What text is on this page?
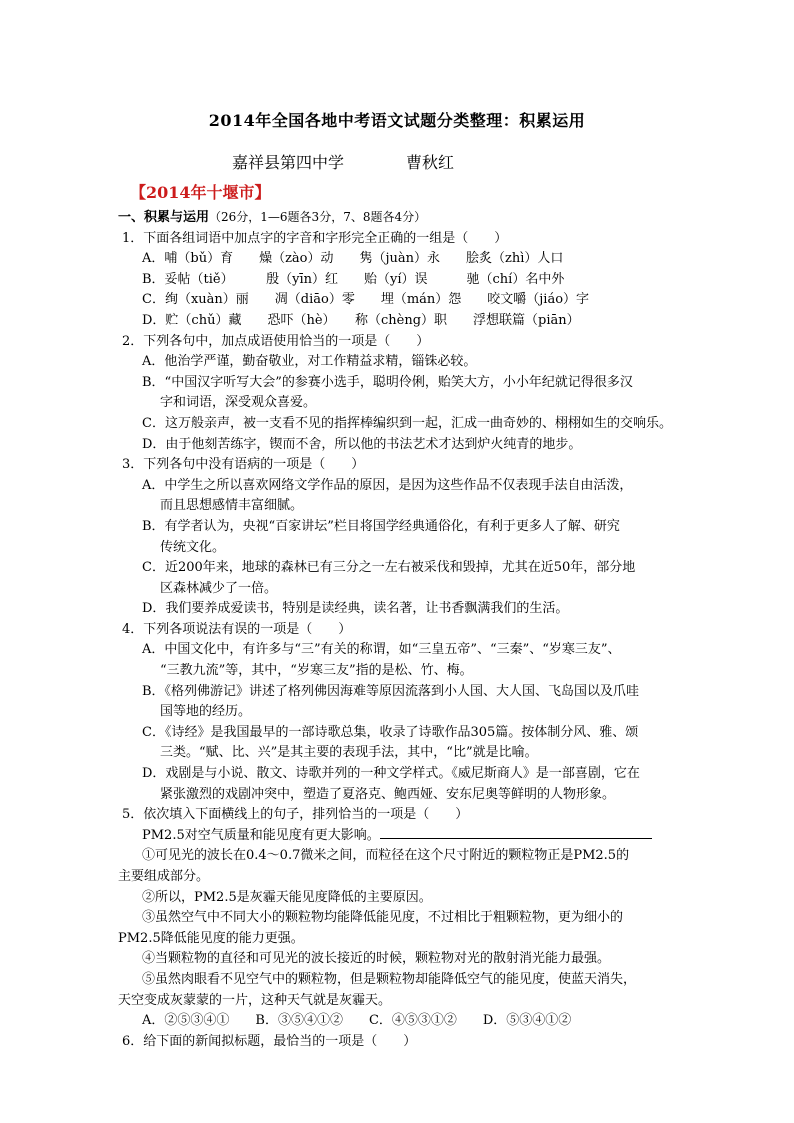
2014年全国各地中考语文试题分类整理：积累运用
嘉祥县第四中学	曹秋红
【2014年十堰市】
一、积累与运用（26分，1—6题各3分，7、8题各4分）
1．下面各组词语中加点字的字音和字形完全正确的一组是（　　）
A．哺（bǔ）育　　燥（zào）动　　隽（juàn）永　　脍炙（zhì）人口
B．妥帖（tiě）　　　殷（yīn）红　　贻（yí）误　　　驰（chí）名中外
C．绚（xuàn）丽　　凋（diāo）零　　埋（mán）怨　　咬文嚼（jiáo）字
D．贮（chǔ）藏　　恐吓（hè）　　称（chèng）职　　浮想联篇（piān）
2．下列各句中，加点成语使用恰当的一项是（　　）
A．他治学严谨，勤奋敬业，对工作精益求精，锱铢必较。
B．“中国汉字听写大会”的参赛小选手，聪明伶俐，贻笑大方，小小年纪就记得很多汉
字和词语，深受观众喜爱。
C．这万般亲声，被一支看不见的指挥棒编织到一起，汇成一曲奇妙的、栩栩如生的交响乐。
D．由于他刻苦练字，锲而不舍，所以他的书法艺术才达到炉火纯青的地步。
3．下列各句中没有语病的一项是（　　）
A．中学生之所以喜欢网络文学作品的原因，是因为这些作品不仅表现手法自由活泼，
而且思想感情丰富细腻。
B．有学者认为，央视“百家讲坛”栏目将国学经典通俗化，有利于更多人了解、研究
传统文化。
C．近200年来，地球的森林已有三分之一左右被采伐和毁掉，尤其在近50年，部分地
区森林减少了一倍。
D．我们要养成爱读书，特别是读经典，读名著，让书香飘满我们的生活。
4．下列各项说法有误的一项是（　　）
A．中国文化中，有许多与“三”有关的称谓，如“三皇五帝”、“三秦”、“岁寒三友”、
“三教九流”等，其中，“岁寒三友”指的是松、竹、梅。
B．《格列佛游记》讲述了格列佛因海难等原因流落到小人国、大人国、飞岛国以及爪哇
国等地的经历。
C．《诗经》是我国最早的一部诗歌总集，收录了诗歌作品305篇。按体制分风、雅、颂
三类。“赋、比、兴”是其主要的表现手法，其中，“比”就是比喻。
D．戏剧是与小说、散文、诗歌并列的一种文学样式。《威尼斯商人》是一部喜剧，它在
紧张激烈的戏剧冲突中，塑造了夏洛克、鲍西娅、安东尼奥等鲜明的人物形象。
5．依次填入下面横线上的句子，排列恰当的一项是（　　）
PM2.5对空气质量和能见度有更大影响。
①可见光的波长在0.4～0.7微米之间，而粒径在这个尺寸附近的颗粒物正是PM2.5的
主要组成部分。
②所以，PM2.5是灰霾天能见度降低的主要原因。
③虽然空气中不同大小的颗粒物均能降低能见度，不过相比于粗颗粒物，更为细小的
PM2.5降低能见度的能力更强。
④当颗粒物的直径和可见光的波长接近的时候，颗粒物对光的散射消光能力最强。
⑤虽然肉眼看不见空气中的颗粒物，但是颗粒物却能降低空气的能见度，使蓝天消失，
天空变成灰蒙蒙的一片，这种天气就是灰霾天。
A．②⑤③④①　　B．③⑤④①②　　C．④⑤③①②　　D．⑤③④①②
6．给下面的新闻拟标题，最恰当的一项是（　　）
